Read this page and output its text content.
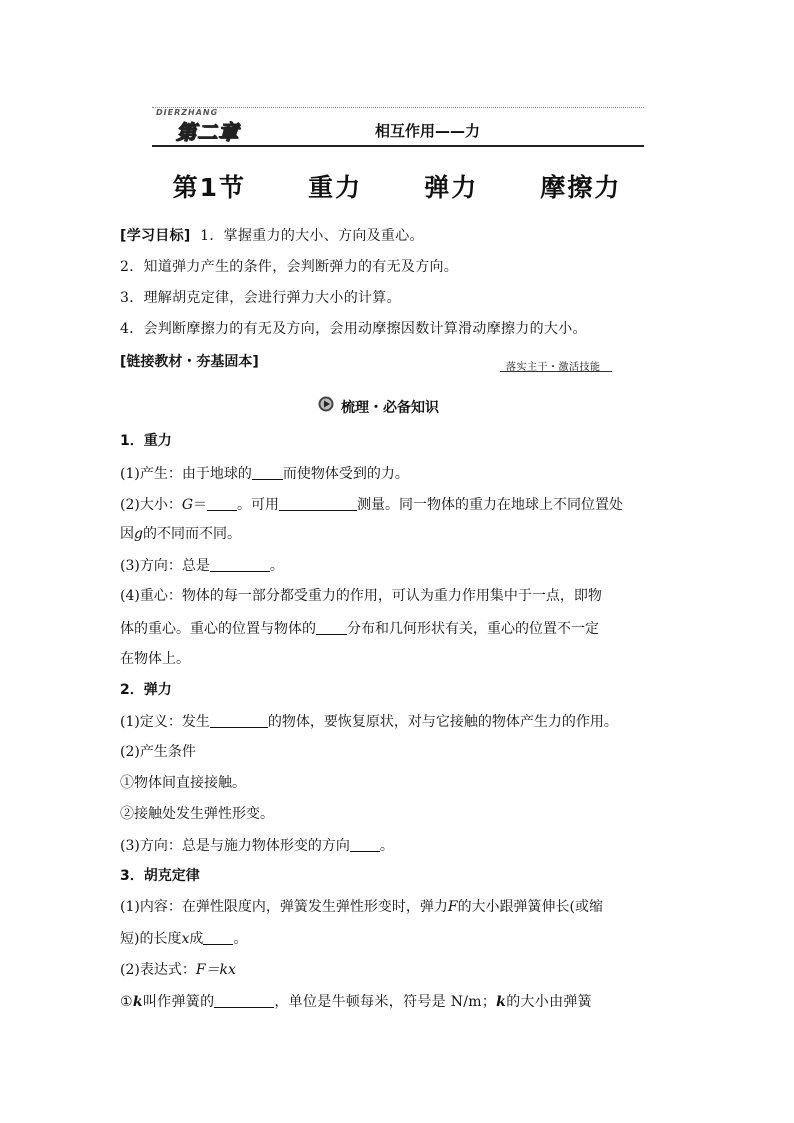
DIERZHANG
第二章	相互作用——力
第1节   重力   弹力   摩擦力
[学习目标] 1．掌握重力的大小、方向及重心。
2．知道弹力产生的条件，会判断弹力的有无及方向。
3．理解胡克定律，会进行弹力大小的计算。
4．会判断摩擦力的有无及方向，会用动摩擦因数计算滑动摩擦力的大小。
[链接教材・夯基固本]	落实主干・激活技能
梳理・必备知识
1．重力
(1)产生：由于地球的 而使物体受到的力。
(2)大小：G＝ 。可用	测量。同一物体的重力在地球上不同位置处
因g的不同而不同。
(3)方向：总是	。
(4)重心：物体的每一部分都受重力的作用，可认为重力作用集中于一点，即物
体的重心。重心的位置与物体的 分布和几何形状有关，重心的位置不一定
在物体上。
2．弹力
(1)定义：发生	的物体，要恢复原状，对与它接触的物体产生力的作用。
(2)产生条件
①物体间直接接触。
②接触处发生弹性形变。
(3)方向：总是与施力物体形变的方向 。
3．胡克定律
(1)内容：在弹性限度内，弹簧发生弹性形变时，弹力F的大小跟弹簧伸长(或缩
短)的长度x成 。
(2)表达式：F＝kx
①k叫作弹簧的	，单位是牛顿每米，符号是 N/m；k的大小由弹簧
